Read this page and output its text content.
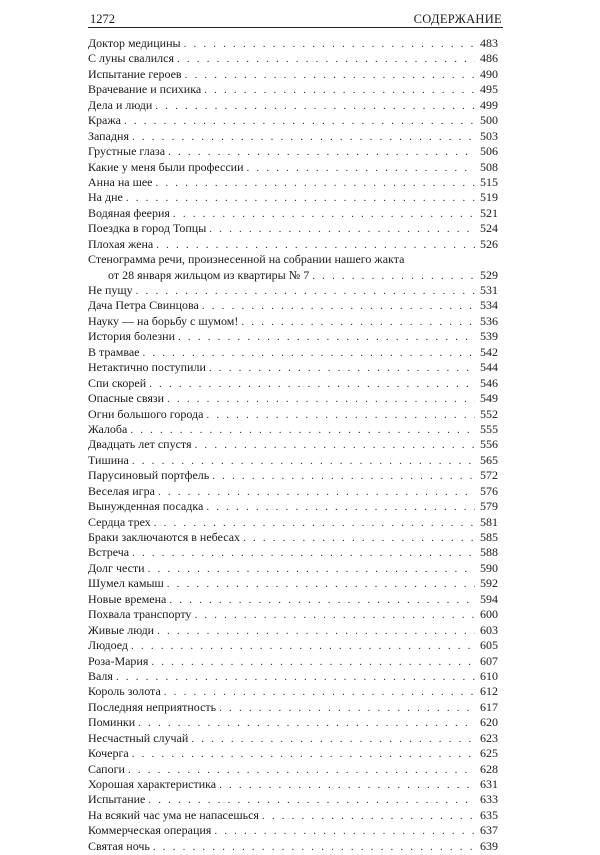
1272	СОДЕРЖАНИЕ
Доктор медицины . . .	483
С луны свалился . . .	486
Испытание героев . . .	490
Врачевание и психика . . .	495
Дела и люди . . .	499
Кража . . .	500
Западня . . .	503
Грустные глаза . . .	506
Какие у меня были профессии . . .	508
Анна на шее . . .	515
На дне . . .	519
Водяная феерия . . .	521
Поездка в город Топцы . . .	524
Плохая жена . . .	526
Стенограмма речи, произнесенной на собрании нашего жакта
от 28 января жильцом из квартиры № 7 . . .	529
Не пущу . . .	531
Дача Петра Свинцова . . .	534
Науку — на борьбу с шумом! . . .	536
История болезни . . .	539
В трамвае . . .	542
Нетактично поступили . . .	544
Спи скорей . . .	546
Опасные связи . . .	549
Огни большого города . . .	552
Жалоба . . .	555
Двадцать лет спустя . . .	556
Тишина . . .	565
Парусиновый портфель . . .	572
Веселая игра . . .	576
Вынужденная посадка . . .	579
Сердца трех . . .	581
Браки заключаются в небесах . . .	585
Встреча . . .	588
Долг чести . . .	590
Шумел камыш . . .	592
Новые времена . . .	594
Похвала транспорту . . .	600
Живые люди . . .	603
Людоед . . .	605
Роза-Мария . . .	607
Валя . . .	610
Король золота . . .	612
Последняя неприятность . . .	617
Поминки . . .	620
Несчастный случай . . .	623
Кочерга . . .	625
Сапоги . . .	628
Хорошая характеристика . . .	631
Испытание . . .	633
На всякий час ума не напасешься . . .	635
Коммерческая операция . . .	637
Святая ночь . . .	639
